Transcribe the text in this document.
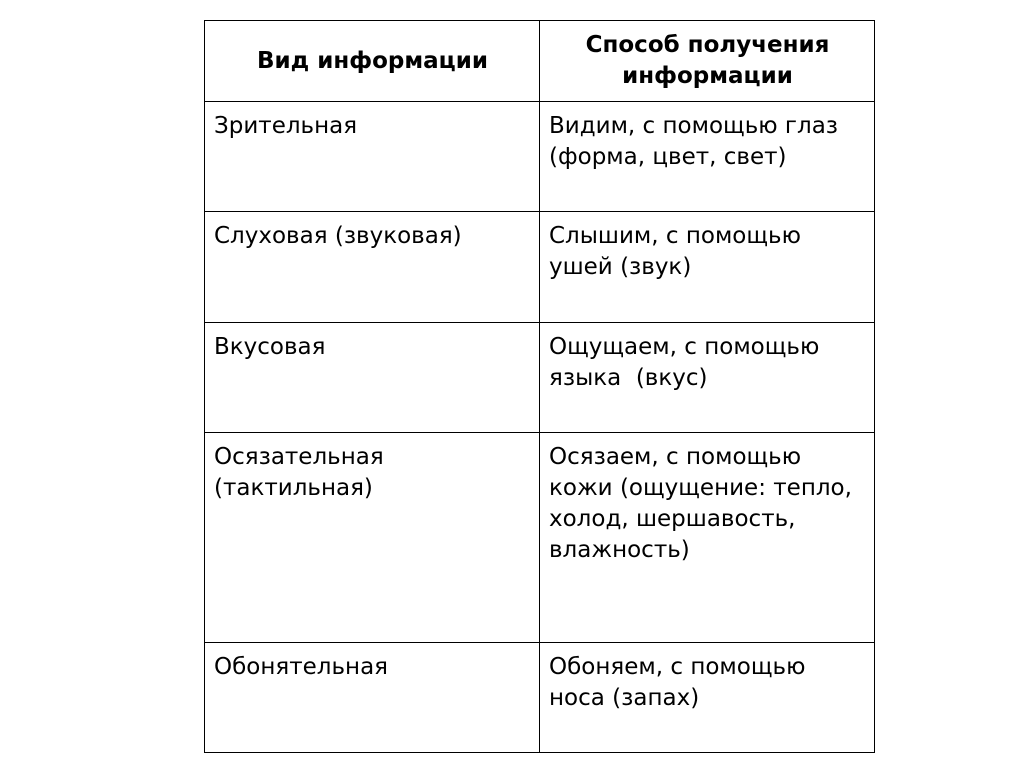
Вид информации	Способ получения информации
Зрительная	Видим, с помощью глаз (форма, цвет, свет)
Слуховая (звуковая)	Слышим, с помощью ушей (звук)
Вкусовая	Ощущаем, с помощью языка  (вкус)
Осязательная (тактильная)	Осязаем, с помощью кожи (ощущение: тепло, холод, шершавость, влажность)
Обонятельная	Обоняем, с помощью носа (запах)
